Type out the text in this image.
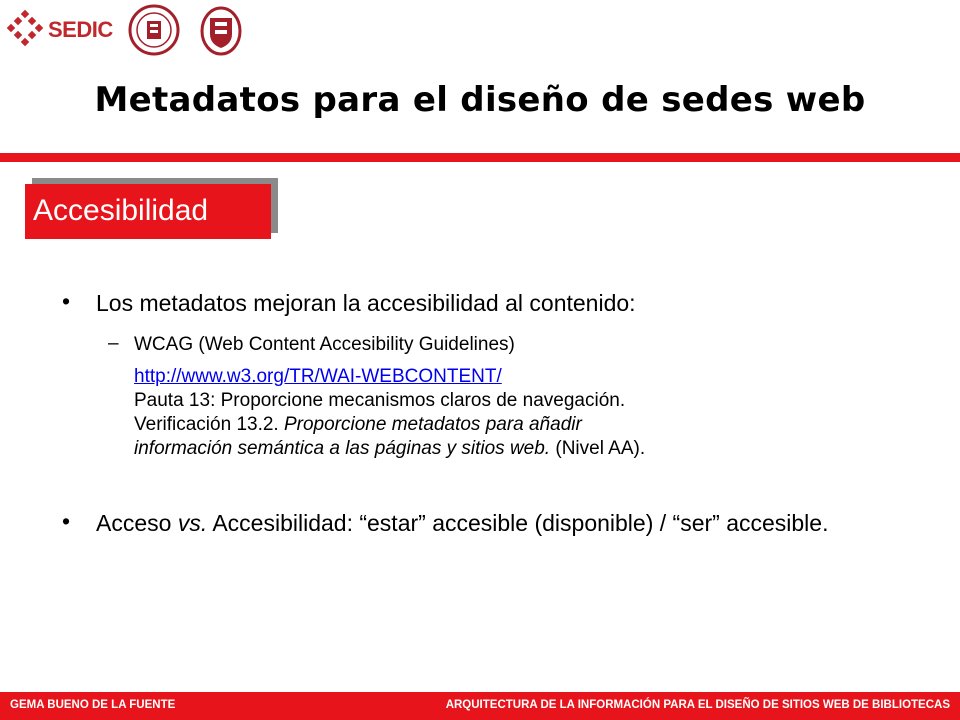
SEDIC
Metadatos para el diseño de sedes web
Accesibilidad
• Los metadatos mejoran la accesibilidad al contenido:
– WCAG (Web Content Accesibility Guidelines)
http://www.w3.org/TR/WAI-WEBCONTENT/
Pauta 13: Proporcione mecanismos claros de navegación.
Verificación 13.2. Proporcione metadatos para añadir
información semántica a las páginas y sitios web. (Nivel AA).
• Acceso vs. Accesibilidad: “estar” accesible (disponible) / “ser” accesible.
GEMA BUENO DE LA FUENTE	ARQUITECTURA DE LA INFORMACIÓN PARA EL DISEÑO DE SITIOS WEB DE BIBLIOTECAS
